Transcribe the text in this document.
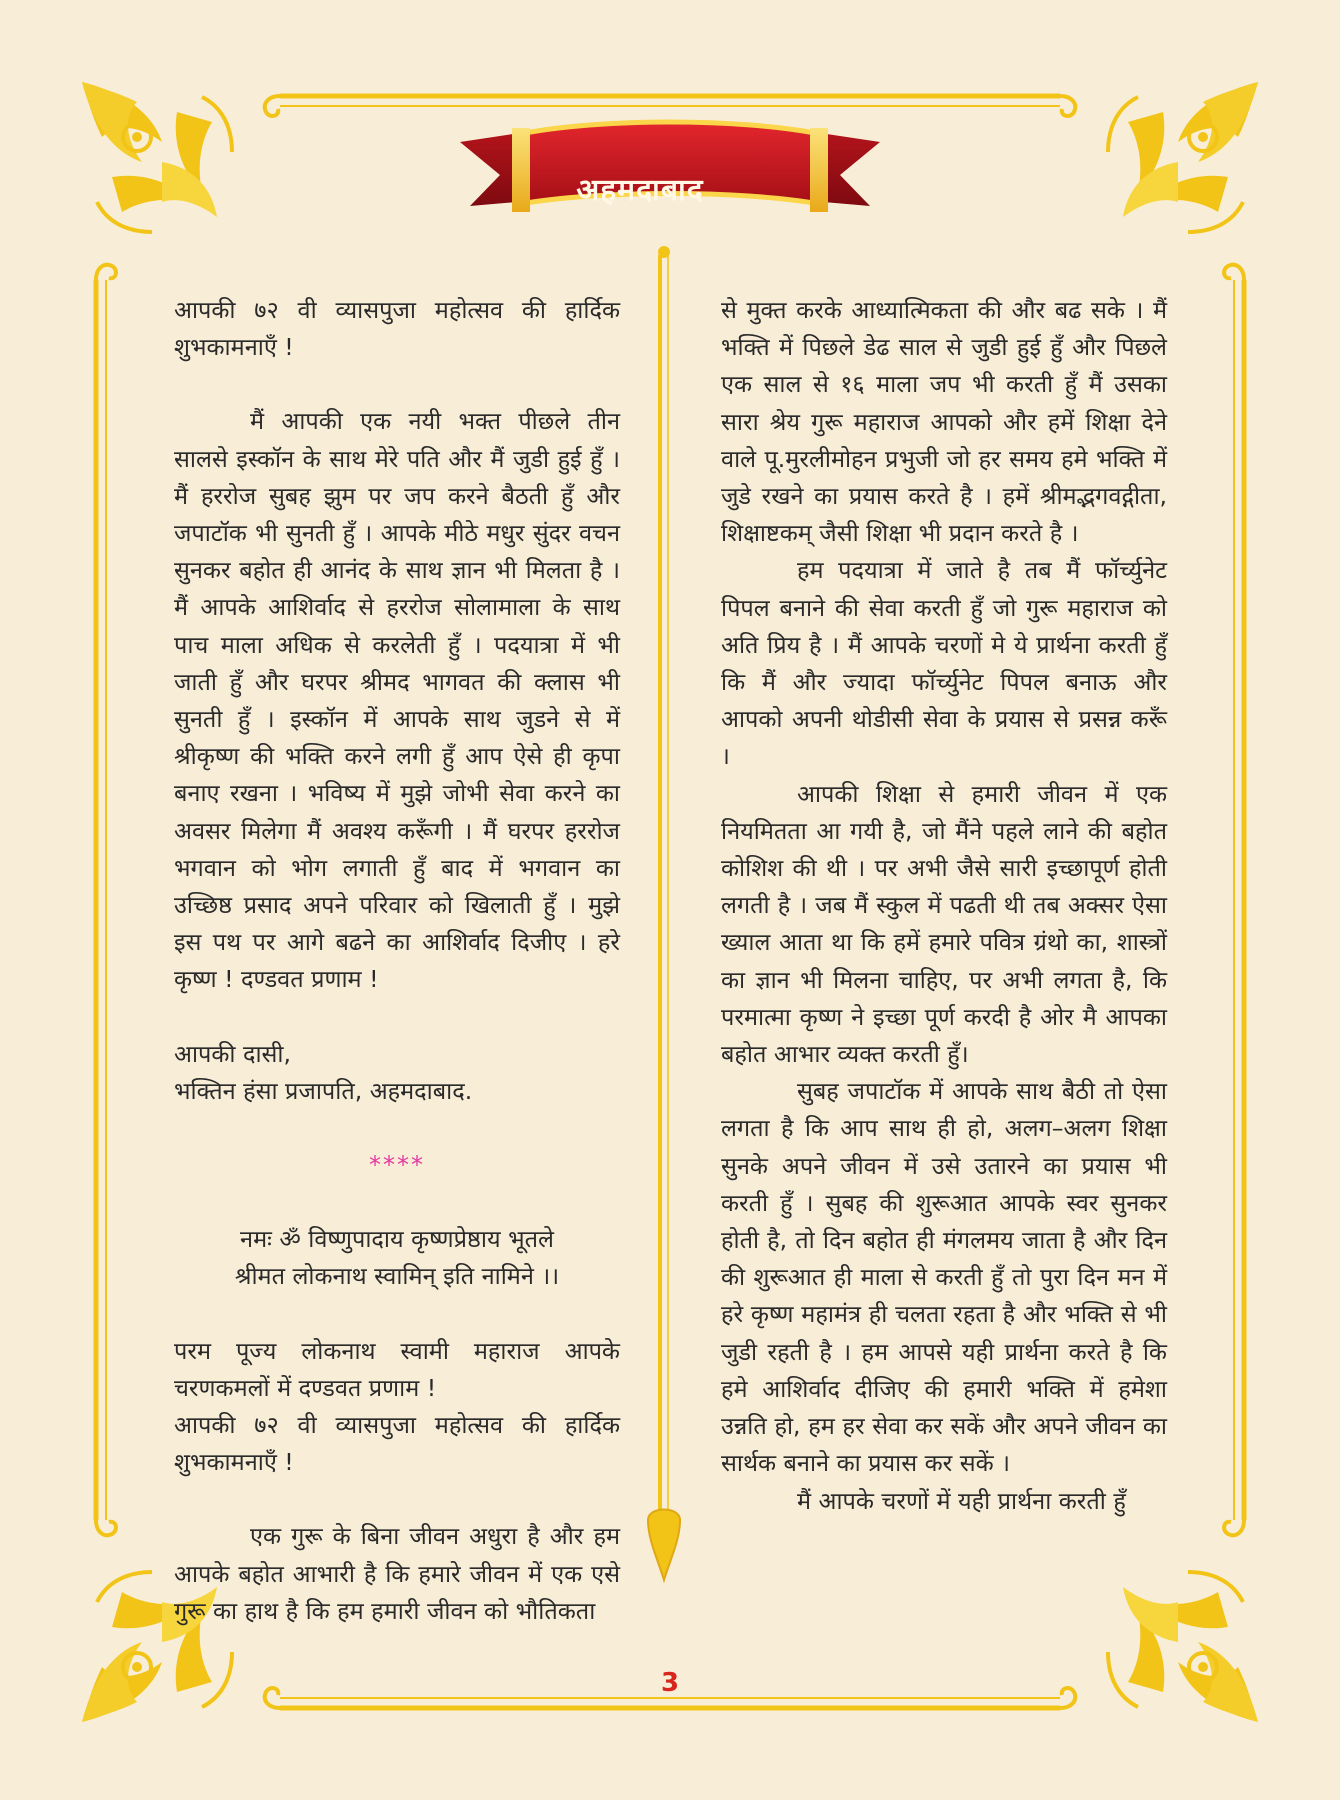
अहमदाबाद

आपकी ७२ वी व्यासपुजा महोत्सव की हार्दिक शुभकामनाएँ !

मैं आपकी एक नयी भक्त पीछले तीन सालसे इस्कॉन के साथ मेरे पति और मैं जुडी हुई हुँ । मैं हररोज सुबह झुम पर जप करने बैठती हुँ और जपाटॉक भी सुनती हुँ । आपके मीठे मधुर सुंदर वचन सुनकर बहोत ही आनंद के साथ ज्ञान भी मिलता है । मैं आपके आशिर्वाद से हररोज सोलामाला के साथ पाच माला अधिक से करलेती हुँ । पदयात्रा में भी जाती हुँ और घरपर श्रीमद भागवत की क्लास भी सुनती हुँ । इस्कॉन में आपके साथ जुडने से में श्रीकृष्ण की भक्ति करने लगी हुँ आप ऐसे ही कृपा बनाए रखना । भविष्य में मुझे जोभी सेवा करने का अवसर मिलेगा मैं अवश्य करूँगी । मैं घरपर हररोज भगवान को भोग लगाती हुँ बाद में भगवान का उच्छिष्ठ प्रसाद अपने परिवार को खिलाती हुँ । मुझे इस पथ पर आगे बढने का आशिर्वाद दिजीए । हरे कृष्ण ! दण्डवत प्रणाम !

आपकी दासी,

भक्तिन हंसा प्रजापति, अहमदाबाद.

****

नमः ॐ विष्णुपादाय कृष्णप्रेष्ठाय भूतले

श्रीमत लोकनाथ स्वामिन् इति नामिने ।।

परम पूज्य लोकनाथ स्वामी महाराज आपके चरणकमलों में दण्डवत प्रणाम !

आपकी ७२ वी व्यासपुजा महोत्सव की हार्दिक शुभकामनाएँ !

एक गुरू के बिना जीवन अधुरा है और हम आपके बहोत आभारी है कि हमारे जीवन में एक एसे गुरू का हाथ है कि हम हमारी जीवन को भौतिकता

से मुक्त करके आध्यात्मिकता की और बढ सके । मैं भक्ति में पिछले डेढ साल से जुडी हुई हुँ और पिछले एक साल से १६ माला जप भी करती हुँ मैं उसका सारा श्रेय गुरू महाराज आपको और हमें शिक्षा देने वाले पू.मुरलीमोहन प्रभुजी जो हर समय हमे भक्ति में जुडे रखने का प्रयास करते है । हमें श्रीमद्भगवद्गीता, शिक्षाष्टकम् जैसी शिक्षा भी प्रदान करते है ।

हम पदयात्रा में जाते है तब मैं फॉर्च्युनेट पिपल बनाने की सेवा करती हुँ जो गुरू महाराज को अति प्रिय है । मैं आपके चरणों मे ये प्रार्थना करती हुँ कि मैं और ज्यादा फॉर्च्युनेट पिपल बनाऊ और आपको अपनी थोडीसी सेवा के प्रयास से प्रसन्न करूँ ।

आपकी शिक्षा से हमारी जीवन में एक नियमितता आ गयी है, जो मैंने पहले लाने की बहोत कोशिश की थी । पर अभी जैसे सारी इच्छापूर्ण होती लगती है । जब मैं स्कुल में पढती थी तब अक्सर ऐसा ख्याल आता था कि हमें हमारे पवित्र ग्रंथो का, शास्त्रों का ज्ञान भी मिलना चाहिए, पर अभी लगता है, कि परमात्मा कृष्ण ने इच्छा पूर्ण करदी है ओर मै आपका बहोत आभार व्यक्त करती हुँ।

सुबह जपाटॉक में आपके साथ बैठी तो ऐसा लगता है कि आप साथ ही हो, अलग–अलग शिक्षा सुनके अपने जीवन में उसे उतारने का प्रयास भी करती हुँ । सुबह की शुरूआत आपके स्वर सुनकर होती है, तो दिन बहोत ही मंगलमय जाता है और दिन की शुरूआत ही माला से करती हुँ तो पुरा दिन मन में हरे कृष्ण महामंत्र ही चलता रहता है और भक्ति से भी जुडी रहती है । हम आपसे यही प्रार्थना करते है कि हमे आशिर्वाद दीजिए की हमारी भक्ति में हमेशा उन्नति हो, हम हर सेवा कर सकें और अपने जीवन का सार्थक बनाने का प्रयास कर सकें ।

मैं आपके चरणों में यही प्रार्थना करती हुँ

3
